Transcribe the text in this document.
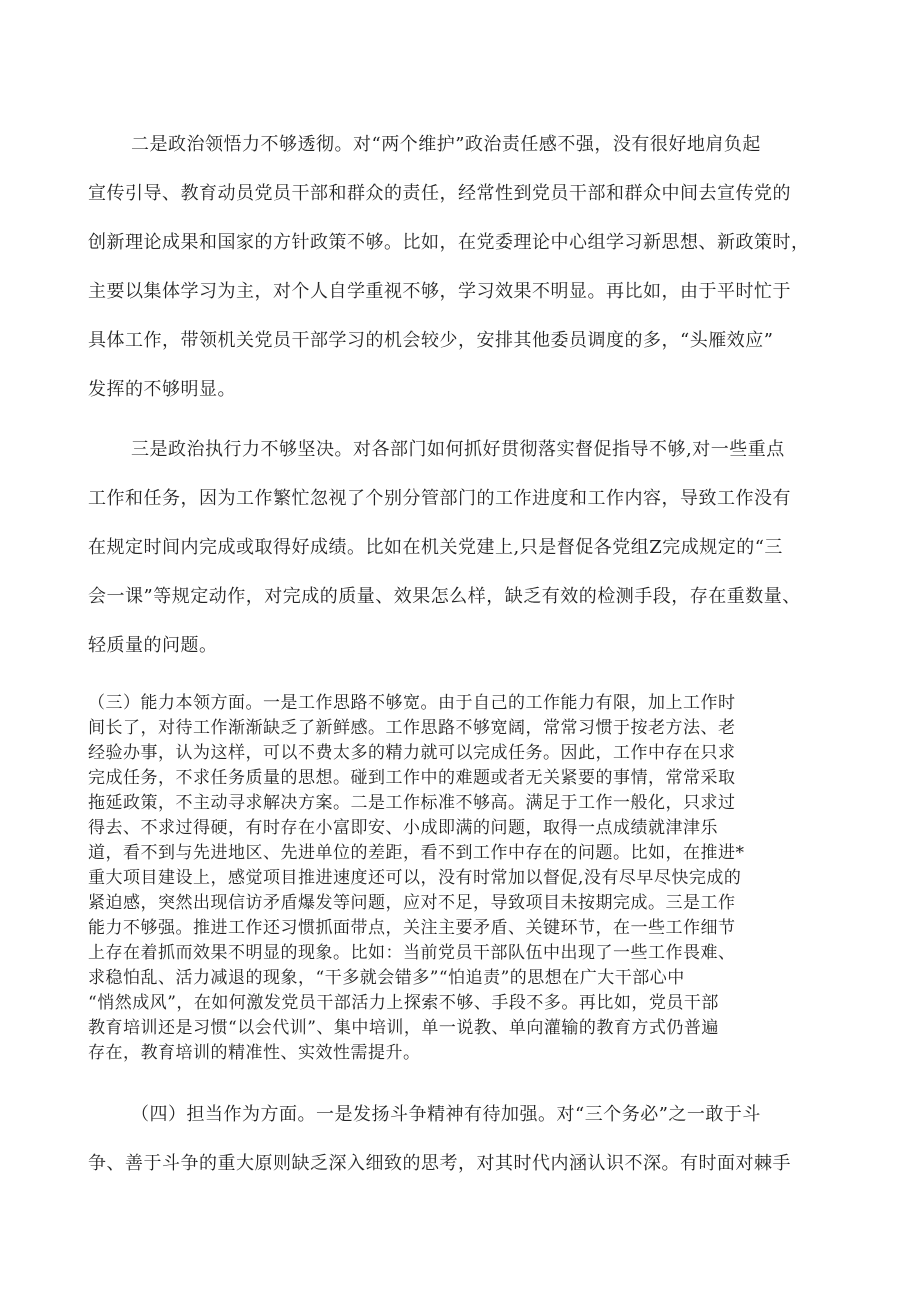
二是政治领悟力不够透彻。对“两个维护”政治责任感不强，没有很好地肩负起
宣传引导、教育动员党员干部和群众的责任，经常性到党员干部和群众中间去宣传党的
创新理论成果和国家的方针政策不够。比如，在党委理论中心组学习新思想、新政策时，
主要以集体学习为主，对个人自学重视不够，学习效果不明显。再比如，由于平时忙于
具体工作，带领机关党员干部学习的机会较少，安排其他委员调度的多，“头雁效应”
发挥的不够明显。
三是政治执行力不够坚决。对各部门如何抓好贯彻落实督促指导不够,对一些重点
工作和任务，因为工作繁忙忽视了个别分管部门的工作进度和工作内容，导致工作没有
在规定时间内完成或取得好成绩。比如在机关党建上,只是督促各党组Z完成规定的“三
会一课”等规定动作，对完成的质量、效果怎么样，缺乏有效的检测手段，存在重数量、
轻质量的问题。
（三）能力本领方面。一是工作思路不够宽。由于自己的工作能力有限，加上工作时
间长了，对待工作渐渐缺乏了新鲜感。工作思路不够宽阔，常常习惯于按老方法、老
经验办事，认为这样，可以不费太多的精力就可以完成任务。因此，工作中存在只求
完成任务，不求任务质量的思想。碰到工作中的难题或者无关紧要的事情，常常采取
拖延政策，不主动寻求解决方案。二是工作标准不够高。满足于工作一般化，只求过
得去、不求过得硬，有时存在小富即安、小成即满的问题，取得一点成绩就津津乐
道，看不到与先进地区、先进单位的差距，看不到工作中存在的问题。比如，在推进*
重大项目建设上，感觉项目推进速度还可以，没有时常加以督促,没有尽早尽快完成的
紧迫感，突然出现信访矛盾爆发等问题，应对不足，导致项目未按期完成。三是工作
能力不够强。推进工作还习惯抓面带点，关注主要矛盾、关键环节，在一些工作细节
上存在着抓而效果不明显的现象。比如：当前党员干部队伍中出现了一些工作畏难、
求稳怕乱、活力减退的现象，“干多就会错多”“怕追责”的思想在广大干部心中
“悄然成风”，在如何激发党员干部活力上探索不够、手段不多。再比如，党员干部
教育培训还是习惯“以会代训”、集中培训，单一说教、单向灌输的教育方式仍普遍
存在，教育培训的精准性、实效性需提升。
（四）担当作为方面。一是发扬斗争精神有待加强。对“三个务必”之一敢于斗
争、善于斗争的重大原则缺乏深入细致的思考，对其时代内涵认识不深。有时面对棘手
